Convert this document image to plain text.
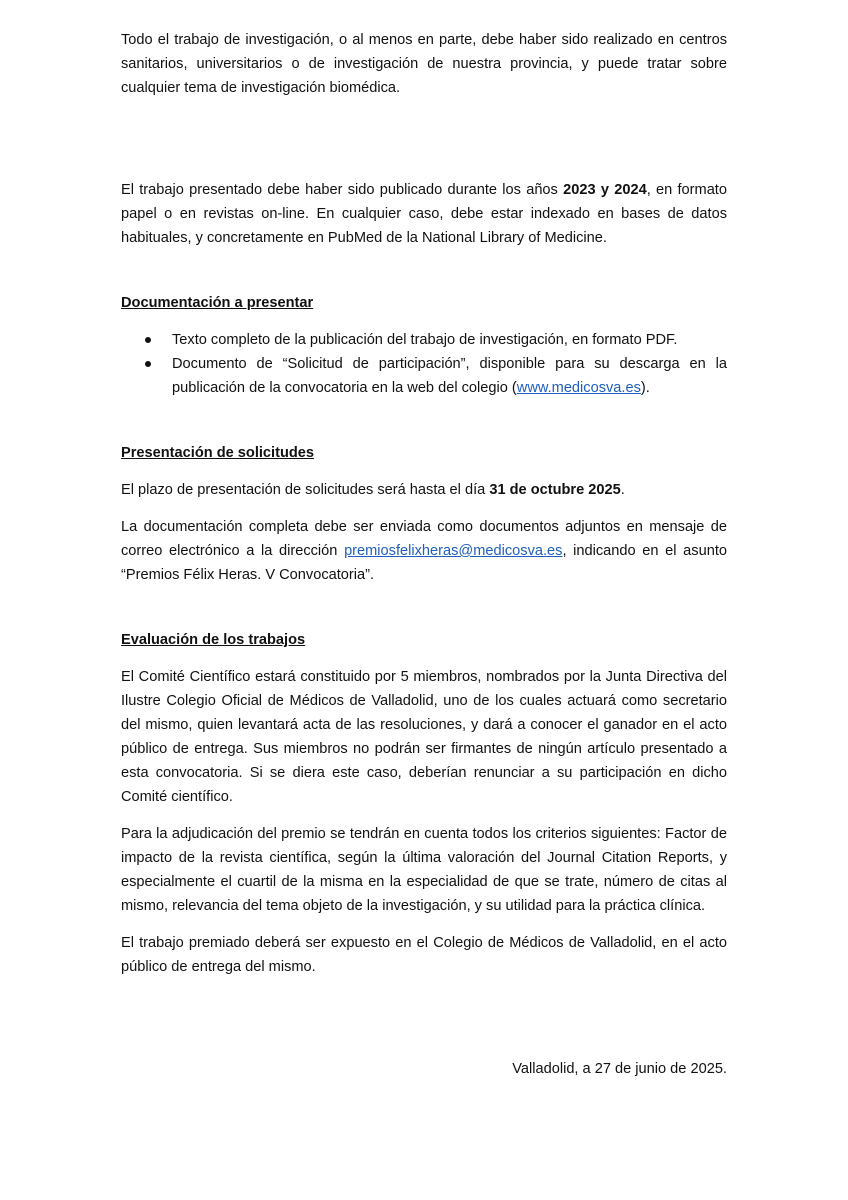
Todo el trabajo de investigación, o al menos en parte, debe haber sido realizado en centros sanitarios, universitarios o de investigación de nuestra provincia, y puede tratar sobre cualquier tema de investigación biomédica.

El trabajo presentado debe haber sido publicado durante los años 2023 y 2024, en formato papel o en revistas on-line. En cualquier caso, debe estar indexado en bases de datos habituales, y concretamente en PubMed de la National Library of Medicine.

Documentación a presentar

Texto completo de la publicación del trabajo de investigación, en formato PDF.
Documento de “Solicitud de participación”, disponible para su descarga en la publicación de la convocatoria en la web del colegio (www.medicosva.es).

Presentación de solicitudes

El plazo de presentación de solicitudes será hasta el día 31 de octubre 2025.

La documentación completa debe ser enviada como documentos adjuntos en mensaje de correo electrónico a la dirección premiosfelixheras@medicosva.es, indicando en el asunto “Premios Félix Heras. V Convocatoria”.

Evaluación de los trabajos

El Comité Científico estará constituido por 5 miembros, nombrados por la Junta Directiva del Ilustre Colegio Oficial de Médicos de Valladolid, uno de los cuales actuará como secretario del mismo, quien levantará acta de las resoluciones, y dará a conocer el ganador en el acto público de entrega. Sus miembros no podrán ser firmantes de ningún artículo presentado a esta convocatoria. Si se diera este caso, deberían renunciar a su participación en dicho Comité científico.

Para la adjudicación del premio se tendrán en cuenta todos los criterios siguientes: Factor de impacto de la revista científica, según la última valoración del Journal Citation Reports, y especialmente el cuartil de la misma en la especialidad de que se trate, número de citas al mismo, relevancia del tema objeto de la investigación, y su utilidad para la práctica clínica.

El trabajo premiado deberá ser expuesto en el Colegio de Médicos de Valladolid, en el acto público de entrega del mismo.

Valladolid, a 27 de junio de 2025.
